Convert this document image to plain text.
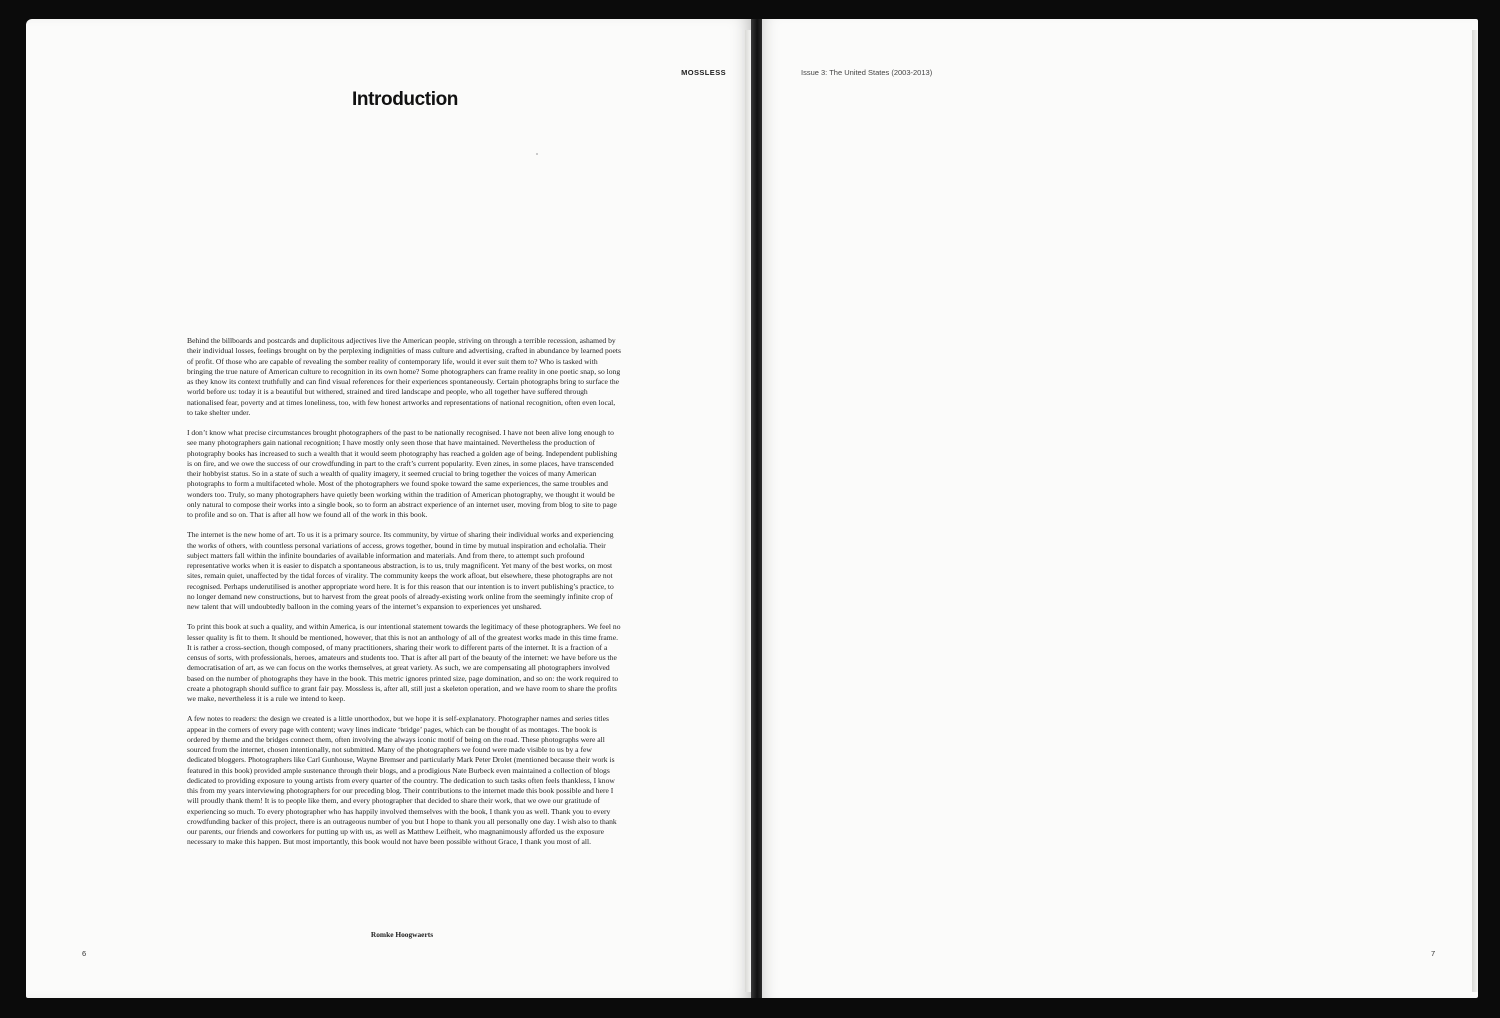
MOSSLESS	Issue 3: The United States (2003-2013)
Introduction

Behind the billboards and postcards and duplicitous adjectives live the American people, striving on through a terrible recession, ashamed by their individual losses, feelings brought on by the perplexing indignities of mass culture and advertising, crafted in abundance by learned poets of profit. Of those who are capable of revealing the somber reality of contemporary life, would it ever suit them to? Who is tasked with bringing the true nature of American culture to recognition in its own home? Some photographers can frame reality in one poetic snap, so long as they know its context truthfully and can find visual references for their experiences spontaneously. Certain photographs bring to surface the world before us: today it is a beautiful but withered, strained and tired landscape and people, who all together have suffered through nationalised fear, poverty and at times loneliness, too, with few honest artworks and representations of national recognition, often even local, to take shelter under.

I don’t know what precise circumstances brought photographers of the past to be nationally recognised. I have not been alive long enough to see many photographers gain national recognition; I have mostly only seen those that have maintained. Nevertheless the production of photography books has increased to such a wealth that it would seem photography has reached a golden age of being. Independent publishing is on fire, and we owe the success of our crowdfunding in part to the craft’s current popularity. Even zines, in some places, have transcended their hobbyist status. So in a state of such a wealth of quality imagery, it seemed crucial to bring together the voices of many American photographs to form a multifaceted whole. Most of the photographers we found spoke toward the same experiences, the same troubles and wonders too. Truly, so many photographers have quietly been working within the tradition of American photography, we thought it would be only natural to compose their works into a single book, so to form an abstract experience of an internet user, moving from blog to site to page to profile and so on. That is after all how we found all of the work in this book.

The internet is the new home of art. To us it is a primary source. Its community, by virtue of sharing their individual works and experiencing the works of others, with countless personal variations of access, grows together, bound in time by mutual inspiration and echolalia. Their subject matters fall within the infinite boundaries of available information and materials. And from there, to attempt such profound representative works when it is easier to dispatch a spontaneous abstraction, is to us, truly magnificent. Yet many of the best works, on most sites, remain quiet, unaffected by the tidal forces of virality. The community keeps the work afloat, but elsewhere, these photographs are not recognised. Perhaps underutilised is another appropriate word here. It is for this reason that our intention is to invert publishing’s practice, to no longer demand new constructions, but to harvest from the great pools of already-existing work online from the seemingly infinite crop of new talent that will undoubtedly balloon in the coming years of the internet’s expansion to experiences yet unshared.

To print this book at such a quality, and within America, is our intentional statement towards the legitimacy of these photographers. We feel no lesser quality is fit to them. It should be mentioned, however, that this is not an anthology of all of the greatest works made in this time frame. It is rather a cross-section, though composed, of many practitioners, sharing their work to different parts of the internet. It is a fraction of a census of sorts, with professionals, heroes, amateurs and students too. That is after all part of the beauty of the internet: we have before us the democratisation of art, as we can focus on the works themselves, at great variety. As such, we are compensating all photographers involved based on the number of photographs they have in the book. This metric ignores printed size, page domination, and so on: the work required to create a photograph should suffice to grant fair pay. Mossless is, after all, still just a skeleton operation, and we have room to share the profits we make, nevertheless it is a rule we intend to keep.

A few notes to readers: the design we created is a little unorthodox, but we hope it is self-explanatory. Photographer names and series titles appear in the corners of every page with content; wavy lines indicate ‘bridge’ pages, which can be thought of as montages. The book is ordered by theme and the bridges connect them, often involving the always iconic motif of being on the road. These photographs were all sourced from the internet, chosen intentionally, not submitted. Many of the photographers we found were made visible to us by a few dedicated bloggers. Photographers like Carl Gunhouse, Wayne Bremser and particularly Mark Peter Drolet (mentioned because their work is featured in this book) provided ample sustenance through their blogs, and a prodigious Nate Burbeck even maintained a collection of blogs dedicated to providing exposure to young artists from every quarter of the country. The dedication to such tasks often feels thankless, I know this from my years interviewing photographers for our preceding blog. Their contributions to the internet made this book possible and here I will proudly thank them! It is to people like them, and every photographer that decided to share their work, that we owe our gratitude of experiencing so much. To every photographer who has happily involved themselves with the book, I thank you as well. Thank you to every crowdfunding backer of this project, there is an outrageous number of you but I hope to thank you all personally one day. I wish also to thank our parents, our friends and coworkers for putting up with us, as well as Matthew Leifheit, who magnanimously afforded us the exposure necessary to make this happen. But most importantly, this book would not have been possible without Grace, I thank you most of all.

Romke Hoogwaerts
6	7
